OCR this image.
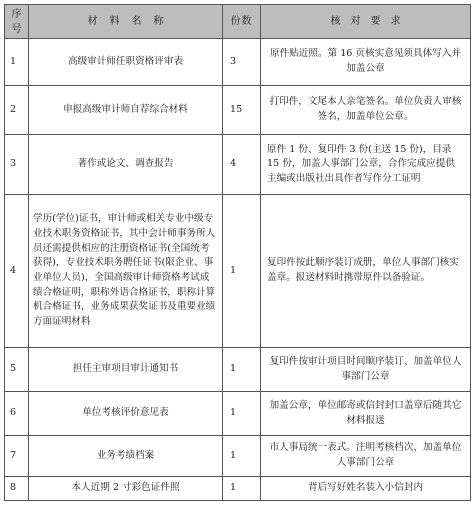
序号	材料名称	份数	核对要求
1	高级审计师任职资格评审表	3	原件贴近照。第 16 页核实意见须具体写入并加盖公章
2	申报高级审计师自荐综合材料	15	打印件，文尾本人亲笔签名。单位负责人审核签名，加盖单位公章。
3	著作或论文、调查报告	4	原件 1 份、复印件 3 份(主送 15 份)，目录 15 份，加盖人事部门公章，合作完成应提供主编或出版社出具作者写作分工证明
4	学历(学位)证书，审计师或相关专业中级专业技术职务资格证书，其中会计师事务所人员还需提供相应的注册资格证书(全国统考获得)，专业技术职务聘任证书(限企业、事业单位人员)，全国高级审计师资格考试成绩合格证明，职称外语合格证书，职称计算机合格证书，业务成果获奖证书及重要业绩方面证明材料	1	复印件按此顺序装订成册，单位人事部门核实盖章。报送材料时携带原件以备验证。
5	担任主审项目审计通知书	1	复印件按审计项目时间顺序装订、加盖单位人事部门公章
6	单位考核评价意见表	1	加盖公章，单位邮寄或信封封口盖章后随其它材料报送
7	业务考绩档案	1	市人事局统一表式。注明考核档次，加盖单位人事部门公章
8	本人近期 2 寸彩色证件照	1	背后写好姓名装入小信封内
